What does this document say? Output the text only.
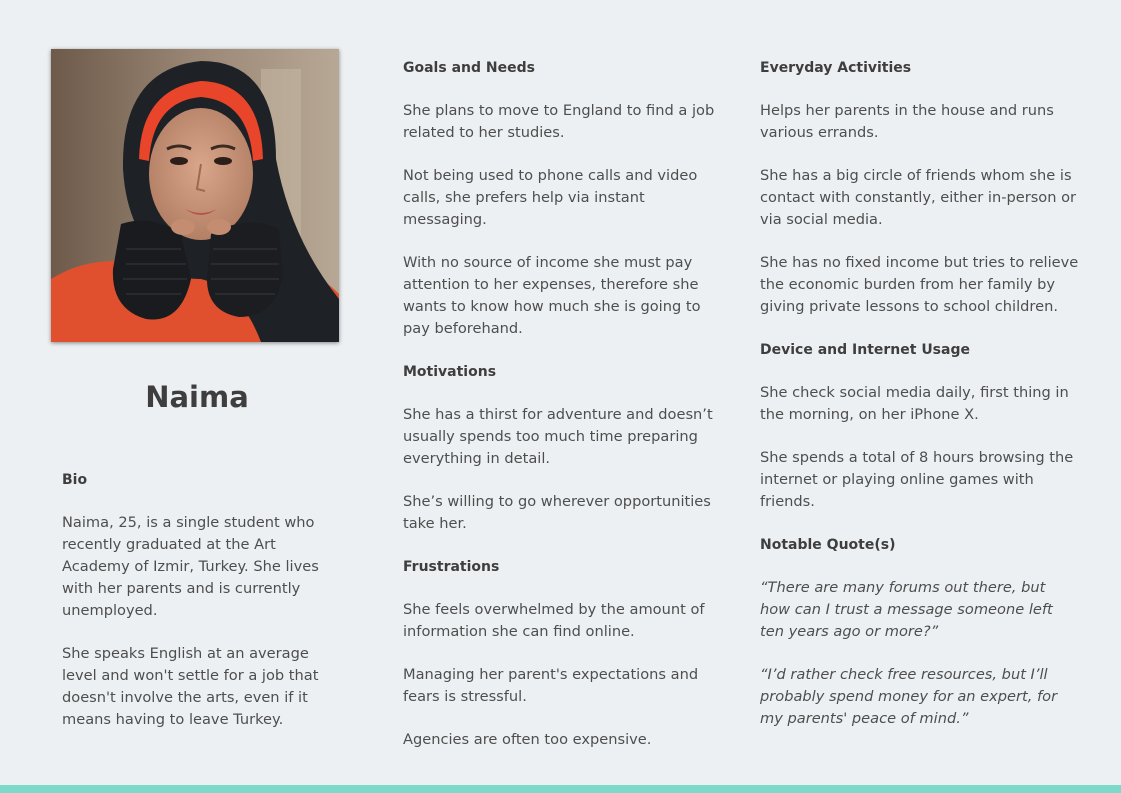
Naima
Bio
Naima, 25, is a single student who recently graduated at the Art Academy of Izmir, Turkey. She lives with her parents and is currently unemployed.
She speaks English at an average level and won't settle for a job that doesn't involve the arts, even if it means having to leave Turkey.
Goals and Needs
She plans to move to England to find a job related to her studies.
Not being used to phone calls and video calls, she prefers help via instant messaging.
With no source of income she must pay attention to her expenses, therefore she wants to know how much she is going to pay beforehand.
Motivations
She has a thirst for adventure and doesn’t usually spends too much time preparing everything in detail.
She’s willing to go wherever opportunities take her.
Frustrations
She feels overwhelmed by the amount of information she can find online.
Managing her parent's expectations and fears is stressful.
Agencies are often too expensive.
Everyday Activities
Helps her parents in the house and runs various errands.
She has a big circle of friends whom she is contact with constantly, either in-person or via social media.
She has no fixed income but tries to relieve the economic burden from her family by giving private lessons to school children.
Device and Internet Usage
She check social media daily, first thing in the morning, on her iPhone X.
She spends a total of 8 hours browsing the internet or playing online games with friends.
Notable Quote(s)
“There are many forums out there, but how can I trust a message someone left ten years ago or more?”
“I’d rather check free resources, but I’ll probably spend money for an expert, for my parents' peace of mind.”
